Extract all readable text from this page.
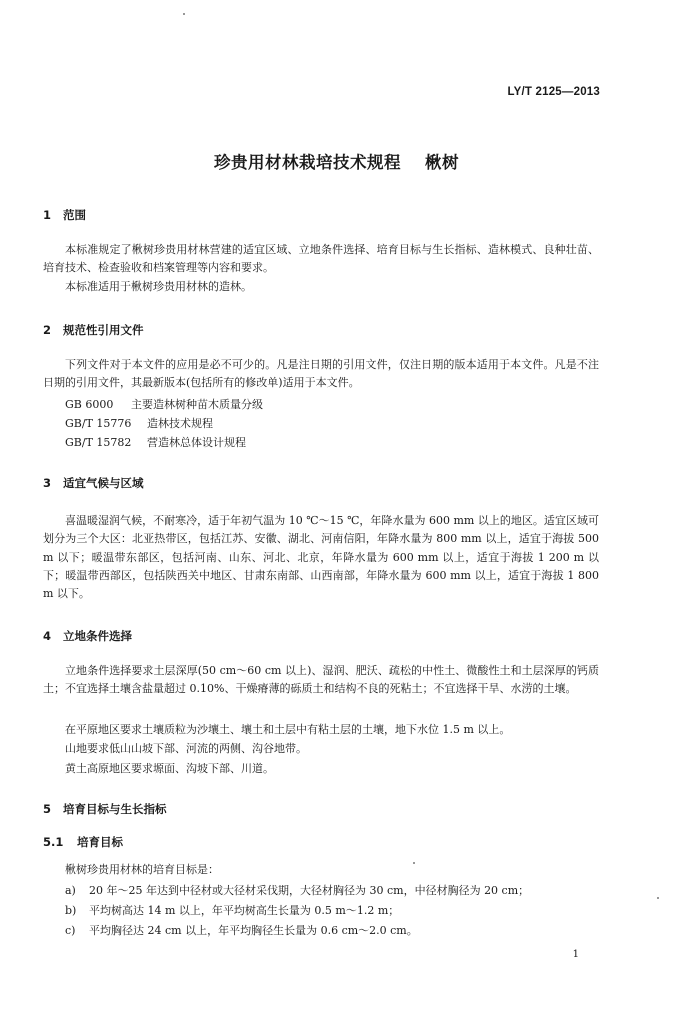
LY/T 2125—2013
珍贵用材林栽培技术规程 楸树
1 范围
本标准规定了楸树珍贵用材林营建的适宜区域、立地条件选择、培育目标与生长指标、造林模式、良种壮苗、培育技术、检查验收和档案管理等内容和要求。
本标准适用于楸树珍贵用材林的造林。
2 规范性引用文件
下列文件对于本文件的应用是必不可少的。凡是注日期的引用文件，仅注日期的版本适用于本文件。凡是不注日期的引用文件，其最新版本(包括所有的修改单)适用于本文件。
GB 6000 主要造林树种苗木质量分级
GB/T 15776 造林技术规程
GB/T 15782 营造林总体设计规程
3 适宜气候与区域
喜温暖湿润气候，不耐寒冷，适于年初气温为 10 ℃～15 ℃，年降水量为 600 mm 以上的地区。适宜区域可划分为三个大区：北亚热带区，包括江苏、安徽、湖北、河南信阳，年降水量为 800 mm 以上，适宜于海拔 500 m 以下；暖温带东部区，包括河南、山东、河北、北京，年降水量为 600 mm 以上，适宜于海拔 1 200 m 以下；暖温带西部区，包括陕西关中地区、甘肃东南部、山西南部，年降水量为 600 mm 以上，适宜于海拔 1 800 m 以下。
4 立地条件选择
立地条件选择要求土层深厚(50 cm～60 cm 以上)、湿润、肥沃、疏松的中性土、微酸性土和土层深厚的钙质土；不宜选择土壤含盐量超过 0.10%、干燥瘠薄的砾质土和结构不良的死粘土；不宜选择干旱、水涝的土壤。
在平原地区要求土壤质粒为沙壤土、壤土和土层中有粘土层的土壤，地下水位 1.5 m 以上。
山地要求低山山坡下部、河流的两侧、沟谷地带。
黄土高原地区要求塬面、沟坡下部、川道。
5 培育目标与生长指标
5.1 培育目标
楸树珍贵用材林的培育目标是：
a) 20 年～25 年达到中径材或大径材采伐期，大径材胸径为 30 cm，中径材胸径为 20 cm；
b) 平均树高达 14 m 以上，年平均树高生长量为 0.5 m～1.2 m；
c) 平均胸径达 24 cm 以上，年平均胸径生长量为 0.6 cm～2.0 cm。
1
